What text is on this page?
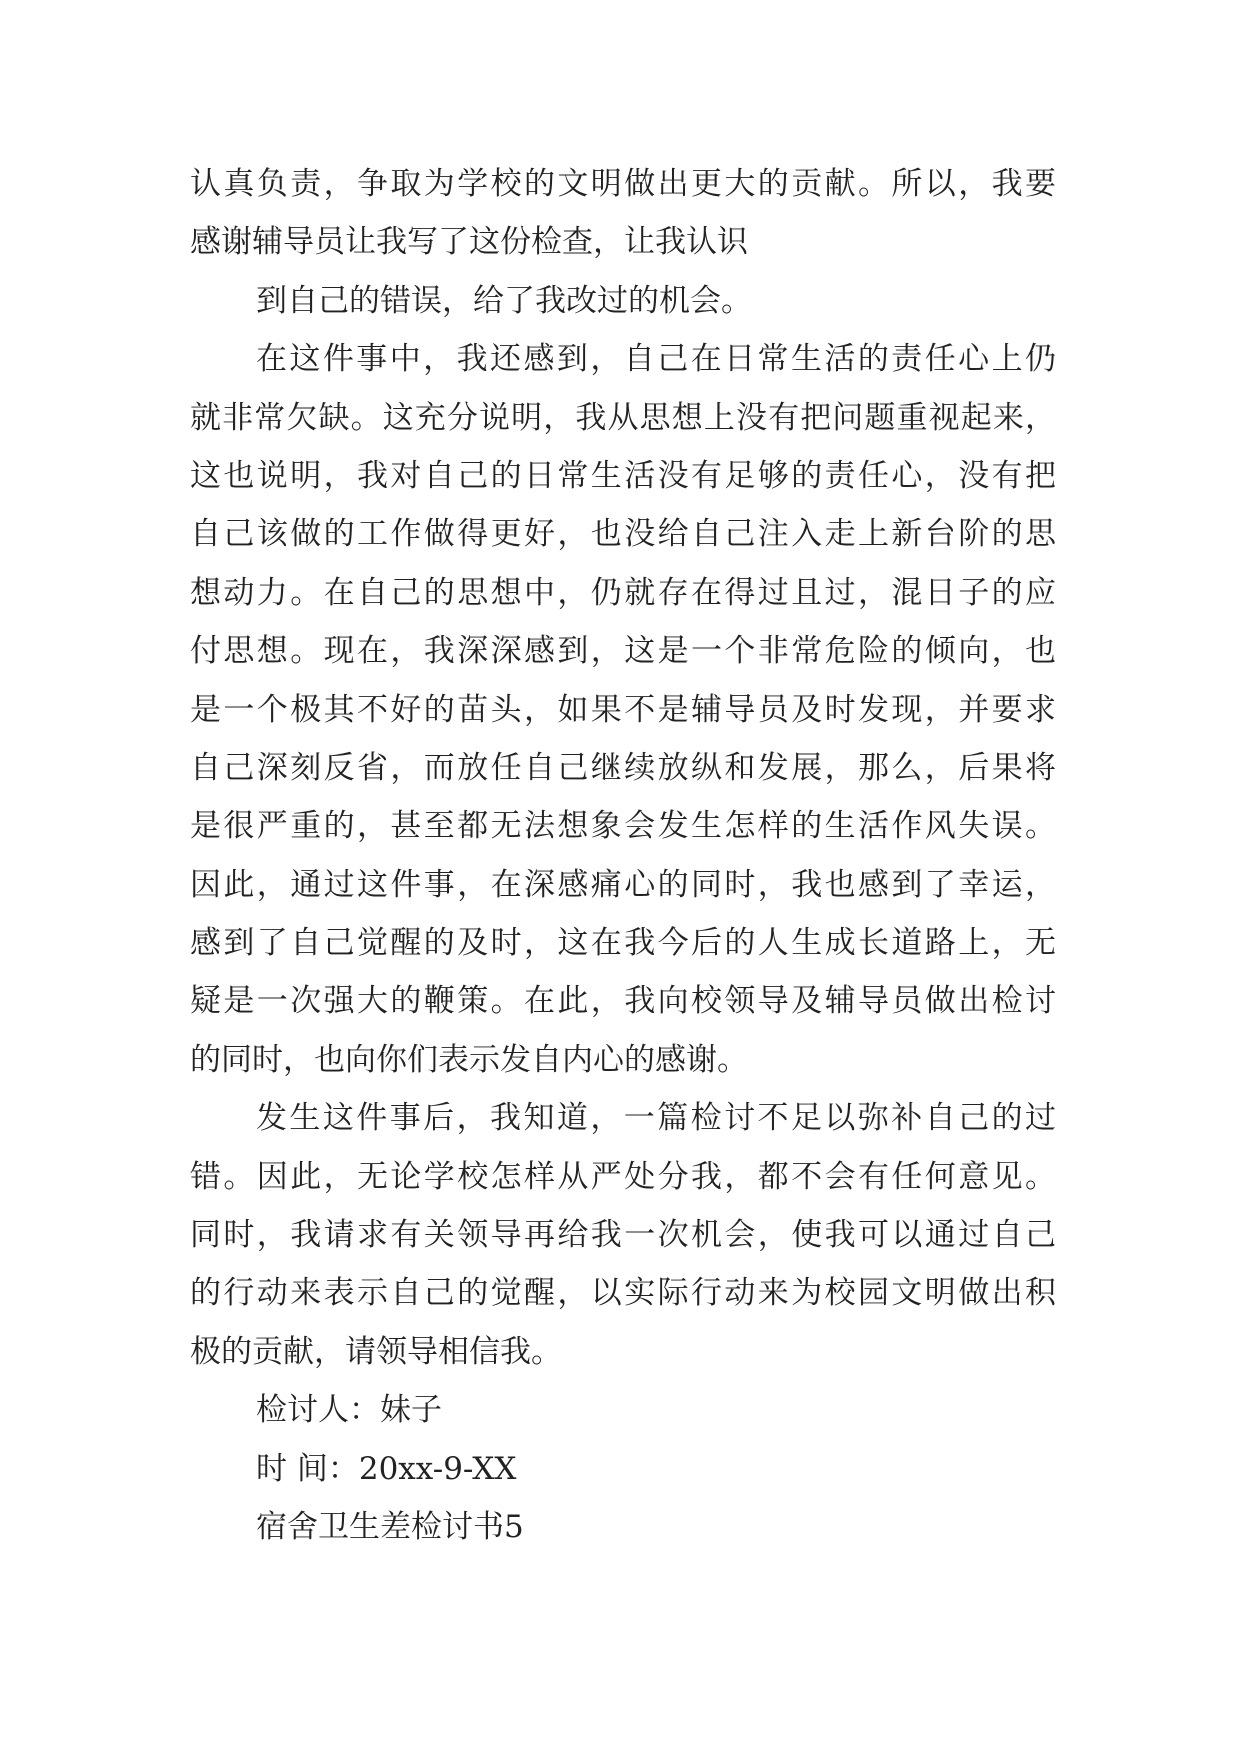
认真负责，争取为学校的文明做出更大的贡献。所以，我要
感谢辅导员让我写了这份检查，让我认识
到自己的错误，给了我改过的机会。
在这件事中，我还感到，自己在日常生活的责任心上仍
就非常欠缺。这充分说明，我从思想上没有把问题重视起来，
这也说明，我对自己的日常生活没有足够的责任心，没有把
自己该做的工作做得更好，也没给自己注入走上新台阶的思
想动力。在自己的思想中，仍就存在得过且过，混日子的应
付思想。现在，我深深感到，这是一个非常危险的倾向，也
是一个极其不好的苗头，如果不是辅导员及时发现，并要求
自己深刻反省，而放任自己继续放纵和发展，那么，后果将
是很严重的，甚至都无法想象会发生怎样的生活作风失误。
因此，通过这件事，在深感痛心的同时，我也感到了幸运，
感到了自己觉醒的及时，这在我今后的人生成长道路上，无
疑是一次强大的鞭策。在此，我向校领导及辅导员做出检讨
的同时，也向你们表示发自内心的感谢。
发生这件事后，我知道，一篇检讨不足以弥补自己的过
错。因此，无论学校怎样从严处分我，都不会有任何意见。
同时，我请求有关领导再给我一次机会，使我可以通过自己
的行动来表示自己的觉醒，以实际行动来为校园文明做出积
极的贡献，请领导相信我。
检讨人：妹子
时 间：20xx-9-XX
宿舍卫生差检讨书5
